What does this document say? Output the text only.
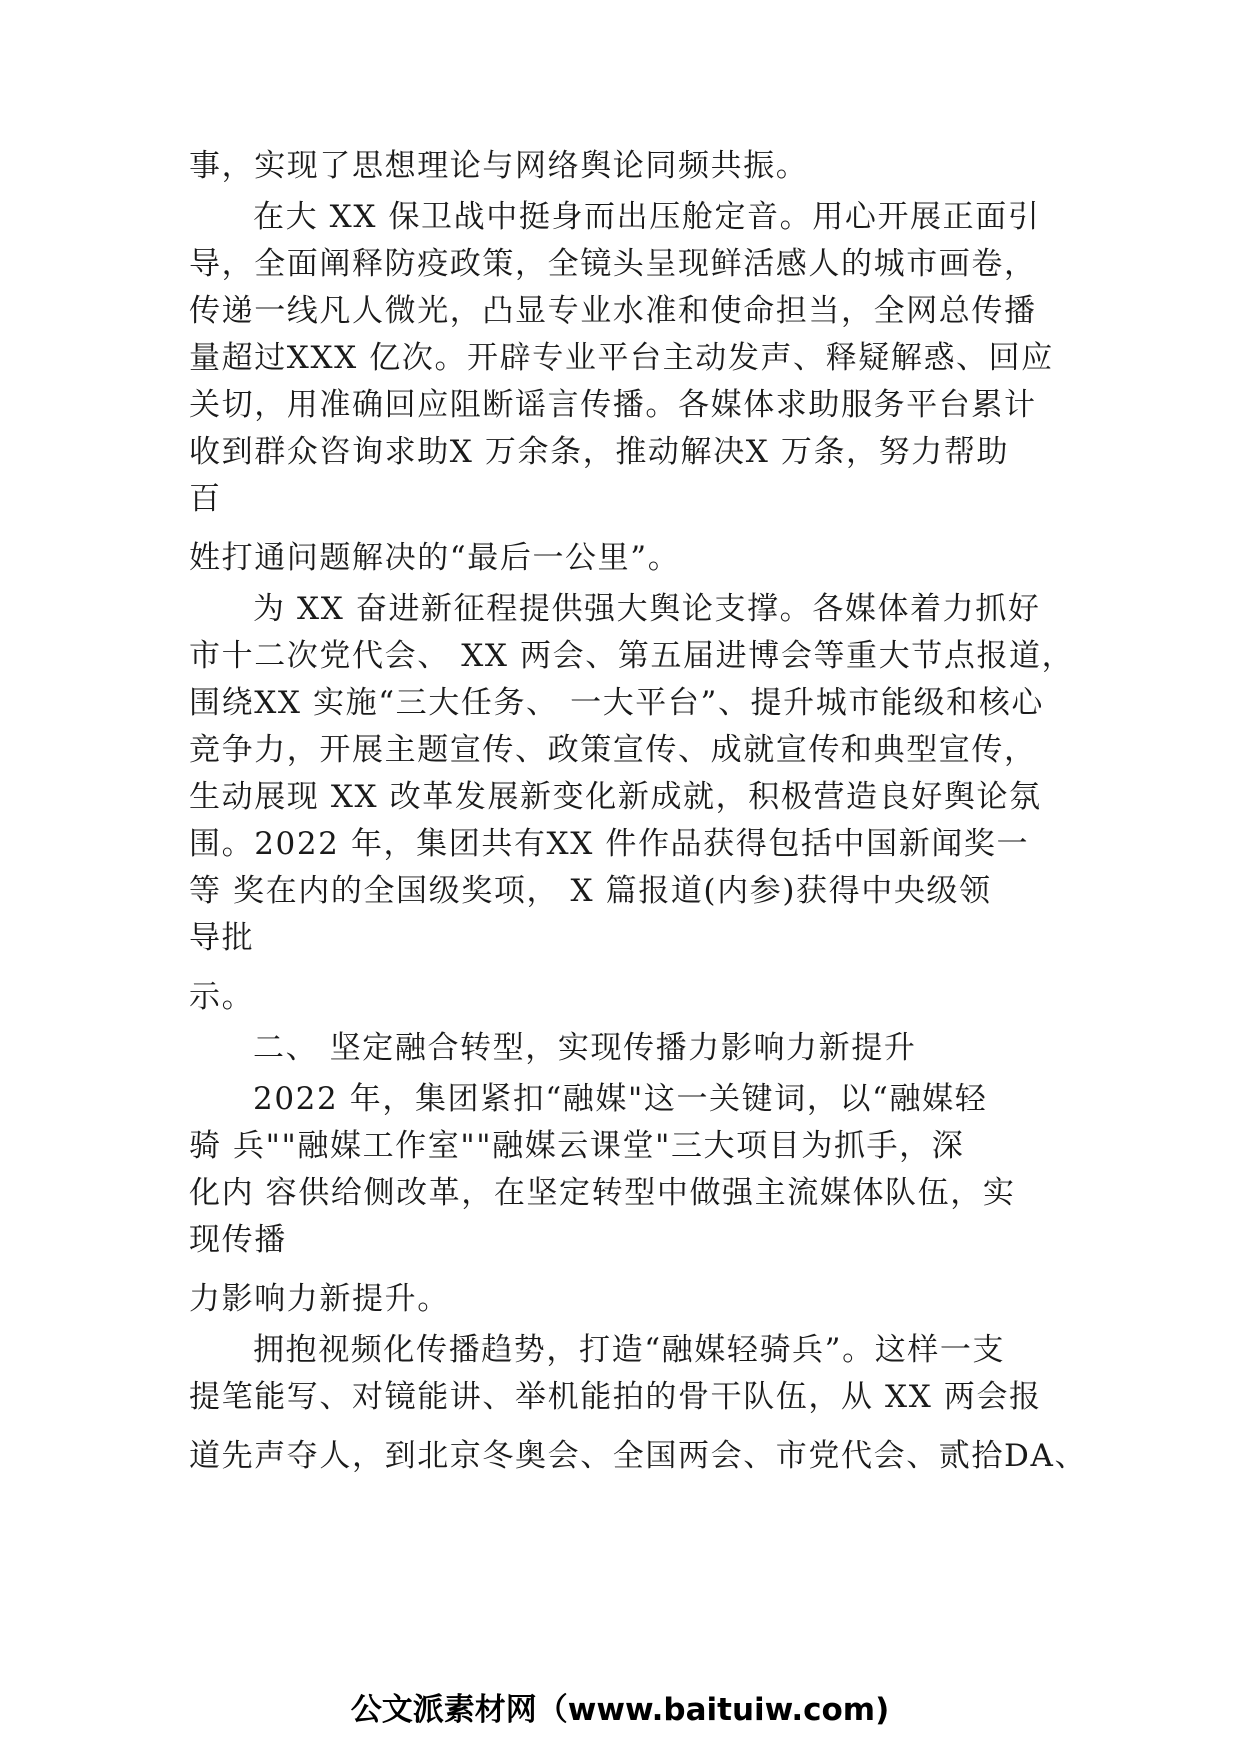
事，实现了思想理论与网络舆论同频共振。
在大 XX 保卫战中挺身而出压舱定音。用心开展正面引
导，全面阐释防疫政策，全镜头呈现鲜活感人的城市画卷，
传递一线凡人微光，凸显专业水准和使命担当，全网总传播
量超过XXX 亿次。开辟专业平台主动发声、释疑解惑、回应
关切，用准确回应阻断谣言传播。各媒体求助服务平台累计
收到群众咨询求助X 万余条，推动解决X 万条，努力帮助
百
姓打通问题解决的“最后一公里”。
为 XX 奋进新征程提供强大舆论支撑。各媒体着力抓好
市十二次党代会、 XX 两会、第五届进博会等重大节点报道，
围绕XX 实施“三大任务、 一大平台”、提升城市能级和核心
竞争力，开展主题宣传、政策宣传、成就宣传和典型宣传，
生动展现 XX 改革发展新变化新成就，积极营造良好舆论氛
围。2022 年，集团共有XX 件作品获得包括中国新闻奖一
等 奖在内的全国级奖项， X 篇报道(内参)获得中央级领
导批
示。
二、 坚定融合转型，实现传播力影响力新提升
2022 年，集团紧扣“融媒"这一关键词，以“融媒轻
骑 兵""融媒工作室""融媒云课堂"三大项目为抓手，深
化内 容供给侧改革，在坚定转型中做强主流媒体队伍，实
现传播
力影响力新提升。
拥抱视频化传播趋势，打造“融媒轻骑兵”。这样一支
提笔能写、对镜能讲、举机能拍的骨干队伍，从 XX 两会报
道先声夺人，到北京冬奥会、全国两会、市党代会、贰拾DA、
公文派素材网（www.baituiw.com)
